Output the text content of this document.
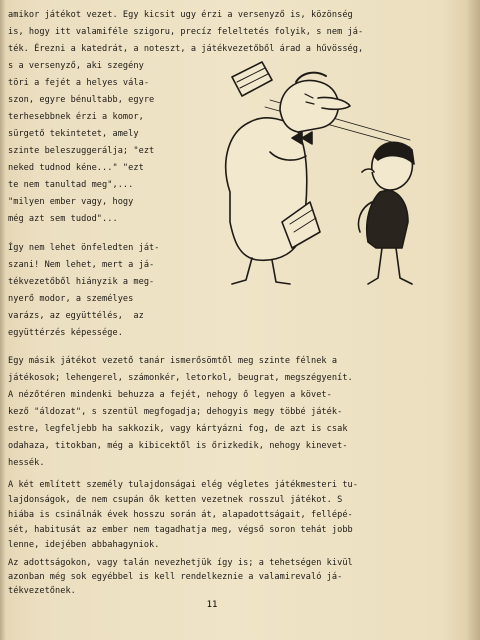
amikor játékot vezet. Egy kicsit ugy érzi a versenyző is, közönség
is, hogy itt valamiféle szigoru, precíz feleltetés folyik, s nem já-
ték. Érezni a katedrát, a noteszt, a játékvezetőből árad a hűvösség,
s a versenyző, aki szegény
töri a fejét a helyes vála-
szon, egyre bénultabb, egyre
terhesebbnek érzi a komor,
sürgető tekintetet, amely
szinte beleszuggerálja; "ezt
neked tudnod kéne..." "ezt
te nem tanultad meg",...
"milyen ember vagy, hogy
még azt sem tudod"...
Így nem lehet önfeledten ját-
szani! Nem lehet, mert a já-
tékvezetőből hiányzik a meg-
nyerő modor, a személyes
varázs, az együttélés,  az
együttérzés képessége.
Egy másik játékot vezető tanár ismerősömtől meg szinte félnek a
játékosok; lehengerel, számonkér, letorkol, beugrat, megszégyenít.
A nézőtéren mindenki behuzza a fejét, nehogy ő legyen a követ-
kező "áldozat", s szentül megfogadja; dehogyis megy többé játék-
estre, legfeljebb ha sakkozik, vagy kártyázni fog, de azt is csak
odahaza, titokban, még a kibicektől is őrizkedik, nehogy kinevet-
hessék.
A két említett személy tulajdonságai elég végletes játékmesteri tu-
lajdonságok, de nem csupán ők ketten vezetnek rosszul játékot. S
hiába is csinálnák évek hosszu során át, alapadottságait, fellépé-
sét, habitusát az ember nem tagadhatja meg, végső soron tehát jobb
lenne, idejében abbahagyniok.
Az adottságokon, vagy talán nevezhetjük így is; a tehetségen kivül
azonban még sok egyébbel is kell rendelkeznie a valamirevaló já-
tékvezetőnek.
11
